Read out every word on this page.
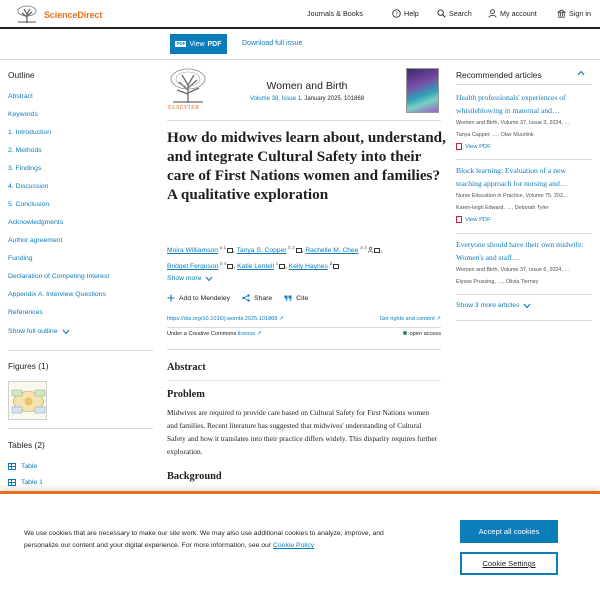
ScienceDirect	Journals & Books	? Help	Search	My account	Sign in
PDF View PDF	Download full issue
Outline
Abstract
Keywords
1. Introduction
2. Methods
3. Findings
4. Discussion
5. Conclusion
Acknowledgments
Author agreement
Funding
Declaration of Competing Interest
Appendix A. Interview Questions
References
Show full outline
Figures (1)
Tables (2)
Table
Table 1
ELSEVIER
Women and Birth
Volume 38, Issue 1, January 2025, 101868
How do midwives learn about, understand, and integrate Cultural Safety into their care of First Nations women and families? A qualitative exploration
Moira Williamson $^{a 1}$ , Tanya S. Copper $^{b 2}$ , Rachelle M. Chee $^{a 3}$ ,
Bridget Ferguson $^{b 4}$ , Katie Lentell $^c$ , Kelly Haynes $^d$
Show more
Add to Mendeley	Share	Cite
https://doi.org/10.1016/j.wombi.2025.101868 ↗	Get rights and content ↗
Under a Creative Commons license ↗	open access
Abstract
Problem

Midwives are required to provide care based on Cultural Safety for First Nations women and families. Recent literature has suggested that midwives' understanding of Cultural Safety and how it translates into their practice differs widely. This disparity requires further exploration.

Background
Recommended articles
Health professionals' experiences of whistleblowing in maternal and…
Women and Birth, Volume 37, Issue 3, 2024, …
Tanya Capper, …, Olav Muurlink
View PDF
Block learning: Evaluation of a new teaching approach for nursing and…
Nurse Education in Practice, Volume 75, 202…
Karen-leigh Edward, …, Deborah Tyler
View PDF
Everyone should have their own midwife: Women's and staff…
Women and Birth, Volume 37, Issue 6, 2024, …
Elysse Prussing, …, Olivia Tierney
Show 3 more articles

We use cookies that are necessary to make our site work. We may also use additional cookies to analyze, improve, and personalize our content and your digital experience. For more information, see our Cookie Policy

Accept all cookies
Cookie Settings
